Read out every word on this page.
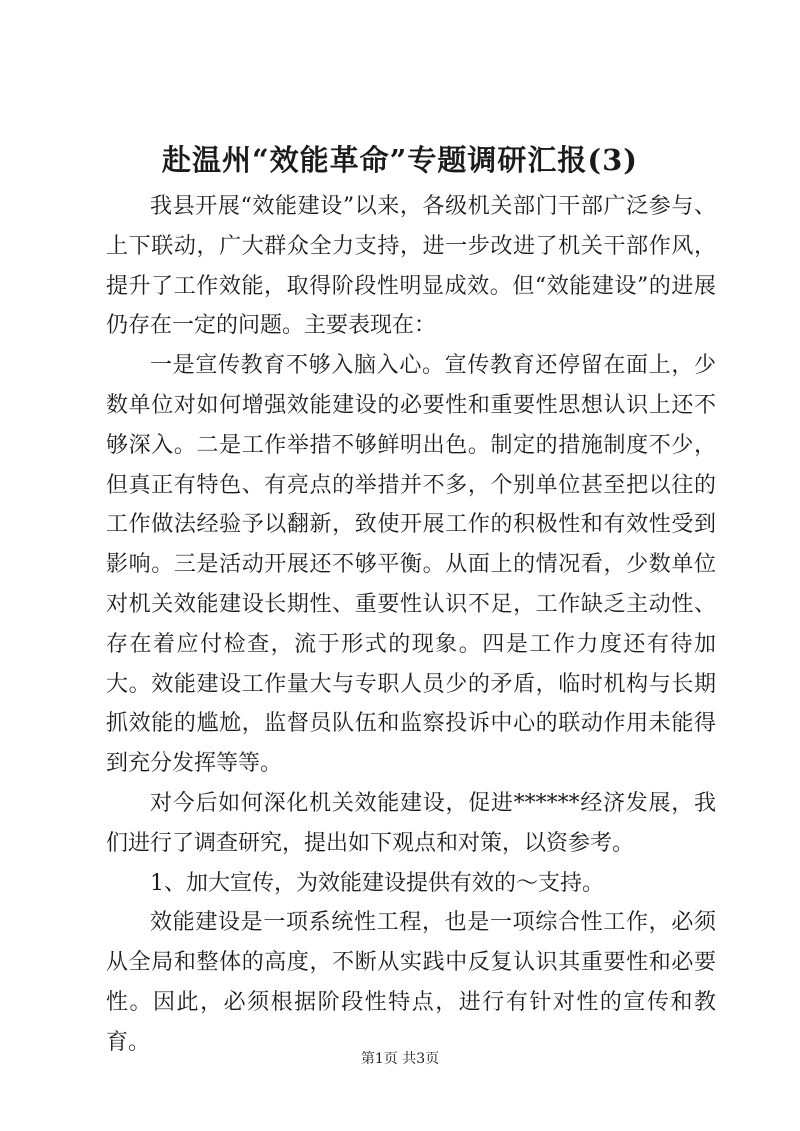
赴温州“效能革命”专题调研汇报(3)

我县开展“效能建设”以来，各级机关部门干部广泛参与、上下联动，广大群众全力支持，进一步改进了机关干部作风，提升了工作效能，取得阶段性明显成效。但“效能建设”的进展仍存在一定的问题。主要表现在：

一是宣传教育不够入脑入心。宣传教育还停留在面上，少数单位对如何增强效能建设的必要性和重要性思想认识上还不够深入。二是工作举措不够鲜明出色。制定的措施制度不少，但真正有特色、有亮点的举措并不多，个别单位甚至把以往的工作做法经验予以翻新，致使开展工作的积极性和有效性受到影响。三是活动开展还不够平衡。从面上的情况看，少数单位对机关效能建设长期性、重要性认识不足，工作缺乏主动性、存在着应付检查，流于形式的现象。四是工作力度还有待加大。效能建设工作量大与专职人员少的矛盾，临时机构与长期抓效能的尴尬，监督员队伍和监察投诉中心的联动作用未能得到充分发挥等等。

对今后如何深化机关效能建设，促进******经济发展，我们进行了调查研究，提出如下观点和对策，以资参考。

1、加大宣传，为效能建设提供有效的～支持。

效能建设是一项系统性工程，也是一项综合性工作，必须从全局和整体的高度，不断从实践中反复认识其重要性和必要性。因此，必须根据阶段性特点，进行有针对性的宣传和教育。

第1页 共3页
